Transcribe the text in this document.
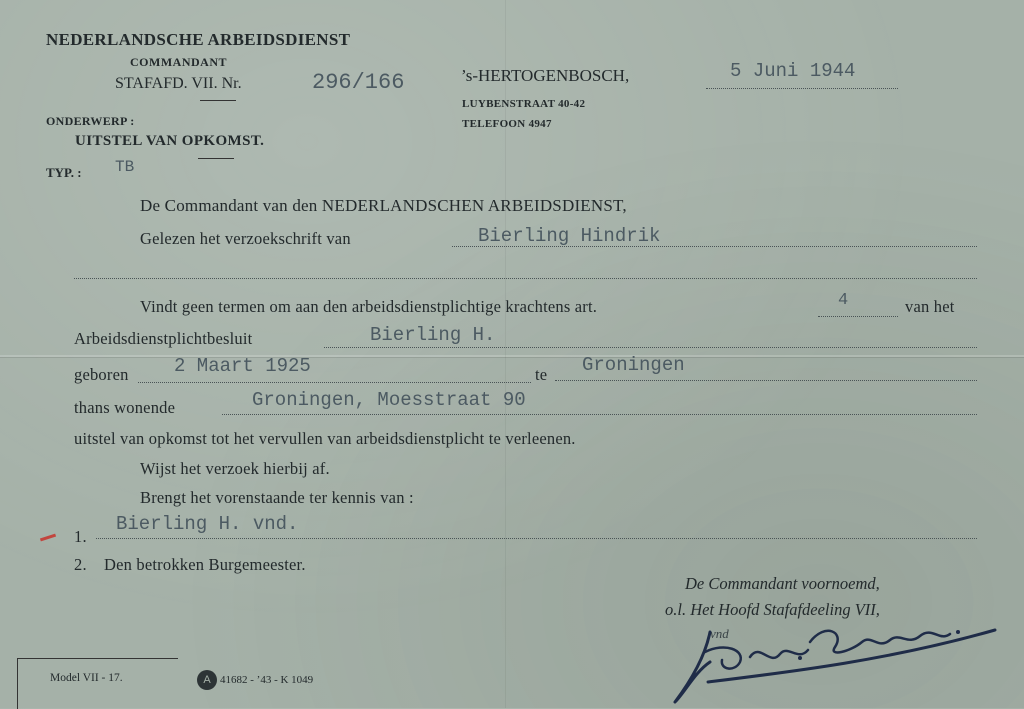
NEDERLANDSCHE ARBEIDSDIENST
COMMANDANT
STAFAFD. VII. Nr.	296/166	’s-HERTOGENBOSCH,	5 Juni 1944
LUYBENSTRAAT 40-42
TELEFOON 4947
ONDERWERP :
UITSTEL VAN OPKOMST.
TYP. : TB
De Commandant van den NEDERLANDSCHEN ARBEIDSDIENST,
Gelezen het verzoekschrift van	Bierling Hindrik
Vindt geen termen om aan den arbeidsdienstplichtige krachtens art.	4	van het
Arbeidsdienstplichtbesluit	Bierling H.
geboren 2 Maart 1925	te Groningen
thans wonende	Groningen, Moesstraat 90
uitstel van opkomst tot het vervullen van arbeidsdienstplicht te verleenen.
Wijst het verzoek hierbij af.
Brengt het vorenstaande ter kennis van :
1.
Bierling H. vnd.
2. Den betrokken Burgemeester.
De Commandant voornoemd,
o.l. Het Hoofd Stafafdeeling VII,
vnd
Model VII - 17.	A 41682 - ’43 - K 1049
